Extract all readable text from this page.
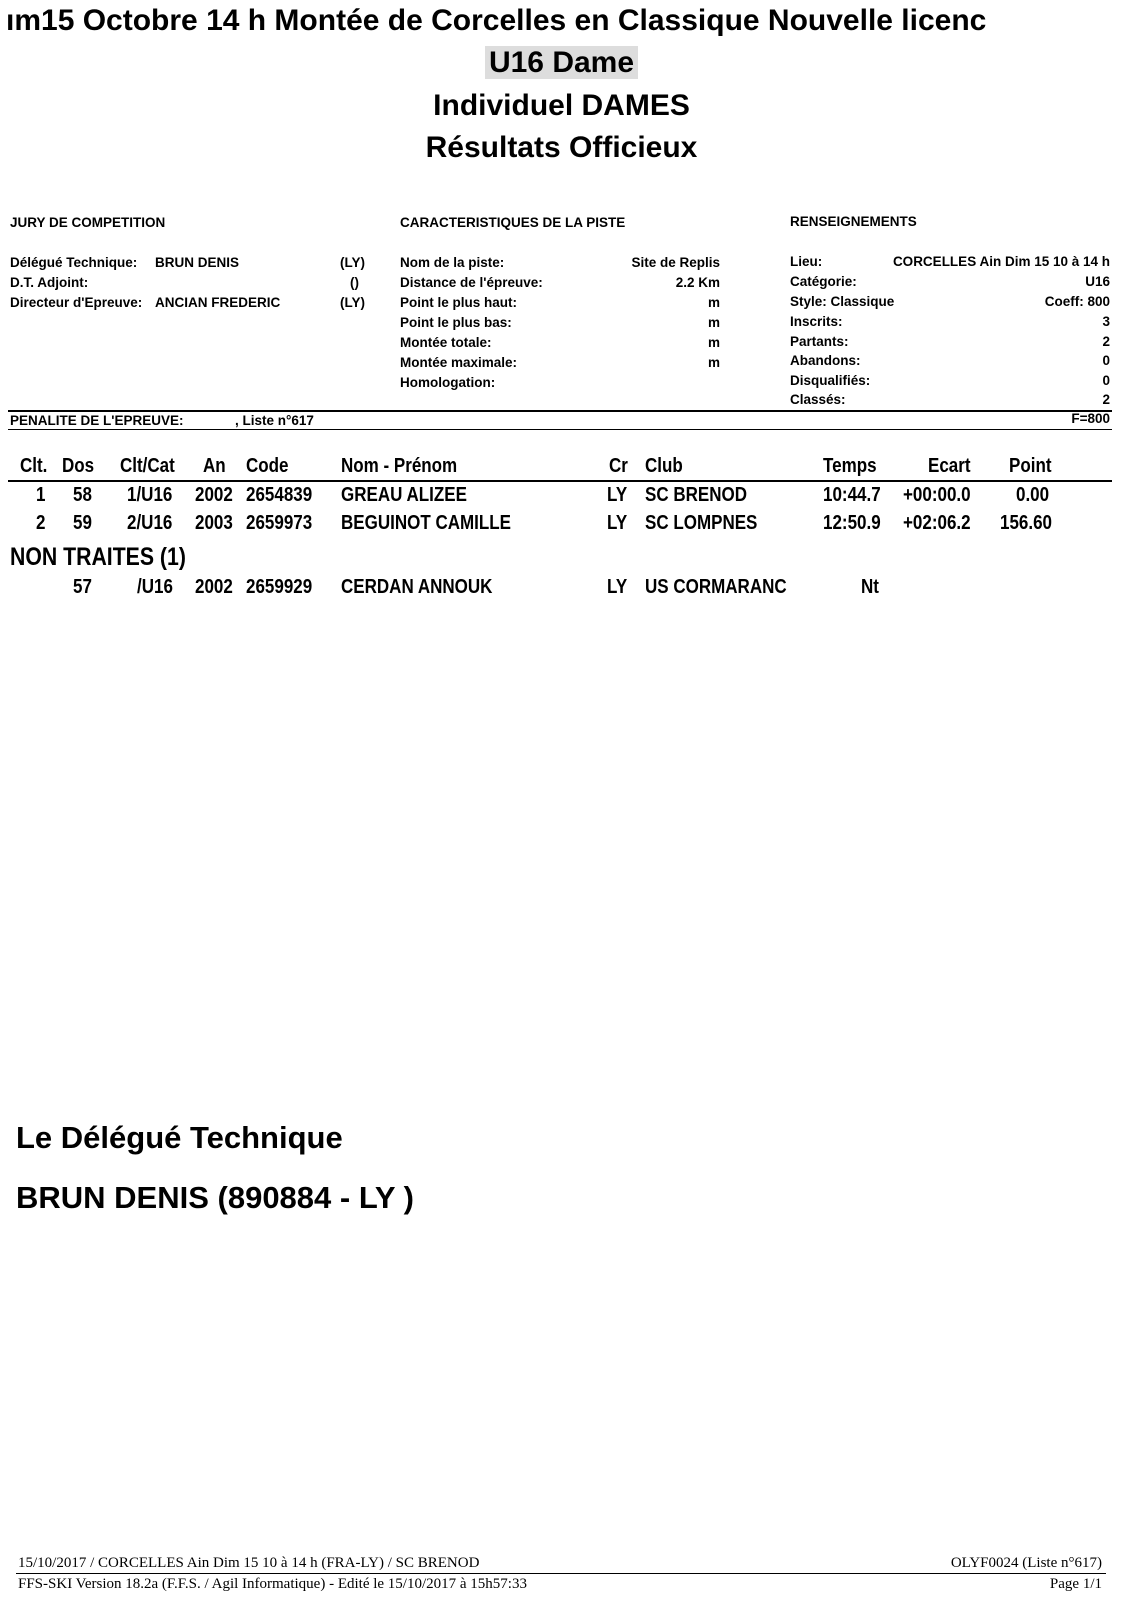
ım15 Octobre 14 h Montée de Corcelles en Classique Nouvelle licenc
U16 Dame
Individuel DAMES
Résultats Officieux
JURY DE COMPETITION	CARACTERISTIQUES DE LA PISTE	RENSEIGNEMENTS
Délégué Technique: BRUN DENIS	(LY)
D.T. Adjoint:	()
Directeur d'Epreuve: ANCIAN FREDERIC	(LY)
Nom de la piste:	Site de Replis
Distance de l'épreuve:	2.2 Km
Point le plus haut:	m
Point le plus bas:	m
Montée totale:	m
Montée maximale:	m
Homologation:
Lieu:	CORCELLES Ain Dim 15 10 à 14 h
Catégorie:	U16
Style: Classique	Coeff: 800
Inscrits:	3
Partants:	2
Abandons:	0
Disqualifiés:	0
Classés:	2
PENALITE DE L'EPREUVE:	, Liste n°617	F=800
Clt. Dos Clt/Cat	An Code	Nom - Prénom	Cr Club	Temps	Ecart	Point
1 58 1/U16	2002 2654839	GREAU ALIZEE	LY SC BRENOD	10:44.7	+00:00.0	0.00
2 59 2/U16	2003 2659973	BEGUINOT CAMILLE	LY SC LOMPNES	12:50.9	+02:06.2	156.60
NON TRAITES (1)
57 /U16	2002 2659929	CERDAN ANNOUK	LY US CORMARANC	Nt
Le Délégué Technique
BRUN DENIS (890884 - LY )
15/10/2017 / CORCELLES Ain Dim 15 10 à 14 h (FRA-LY) / SC BRENOD	OLYF0024 (Liste n°617)
FFS-SKI Version 18.2a (F.F.S. / Agil Informatique) - Edité le 15/10/2017 à 15h57:33	Page 1/1
